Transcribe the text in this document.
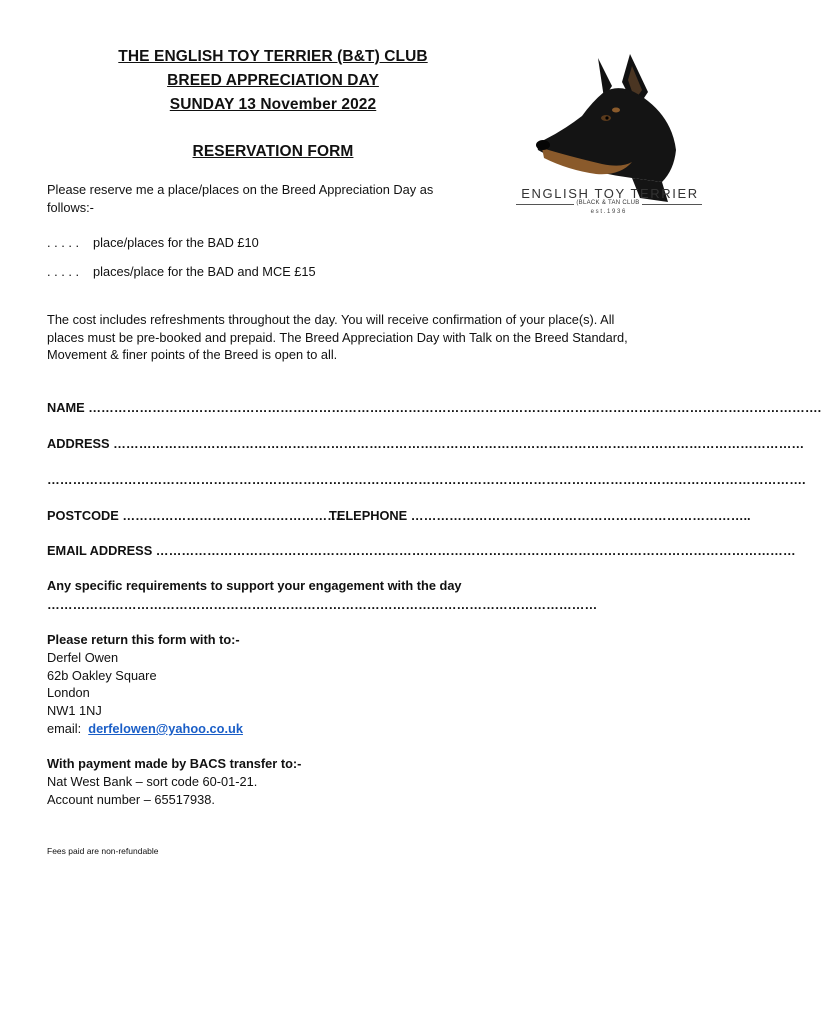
THE ENGLISH TOY TERRIER (B&T) CLUB
BREED APPRECIATION DAY
SUNDAY 13 November 2022
RESERVATION FORM
ENGLISH TOY TERRIER
(BLACK & TAN CLUB
e s t . 1 9 3 6
Please reserve me a place/places on the Breed Appreciation Day as
follows:-
. . . . . place/places for the BAD £10
. . . . . places/place for the BAD and MCE £15
The cost includes refreshments throughout the day. You will receive confirmation of your place(s). All
places must be pre-booked and prepaid. The Breed Appreciation Day with Talk on the Breed Standard,
Movement & finer points of the Breed is open to all.
NAME ……………………………………………………………………………………………………………………………………………………….
ADDRESS ………………………………………………………………………………………………………………………………………………
…………………………………………………………………………………………………………………………………………………………….
POSTCODE …………………………………………….
TELEPHONE ……………………………………………………………………..
EMAIL ADDRESS ……………………………………………………………………………………………………………………………………
Any specific requirements to support your engagement with the day
…………………………………………………………………………………………………………………
Please return this form with to:-
Derfel Owen
62b Oakley Square
London
NW1 1NJ
email:  derfelowen@yahoo.co.uk
With payment made by BACS transfer to:-
Nat West Bank – sort code 60-01-21.
Account number – 65517938.
Fees paid are non-refundable
